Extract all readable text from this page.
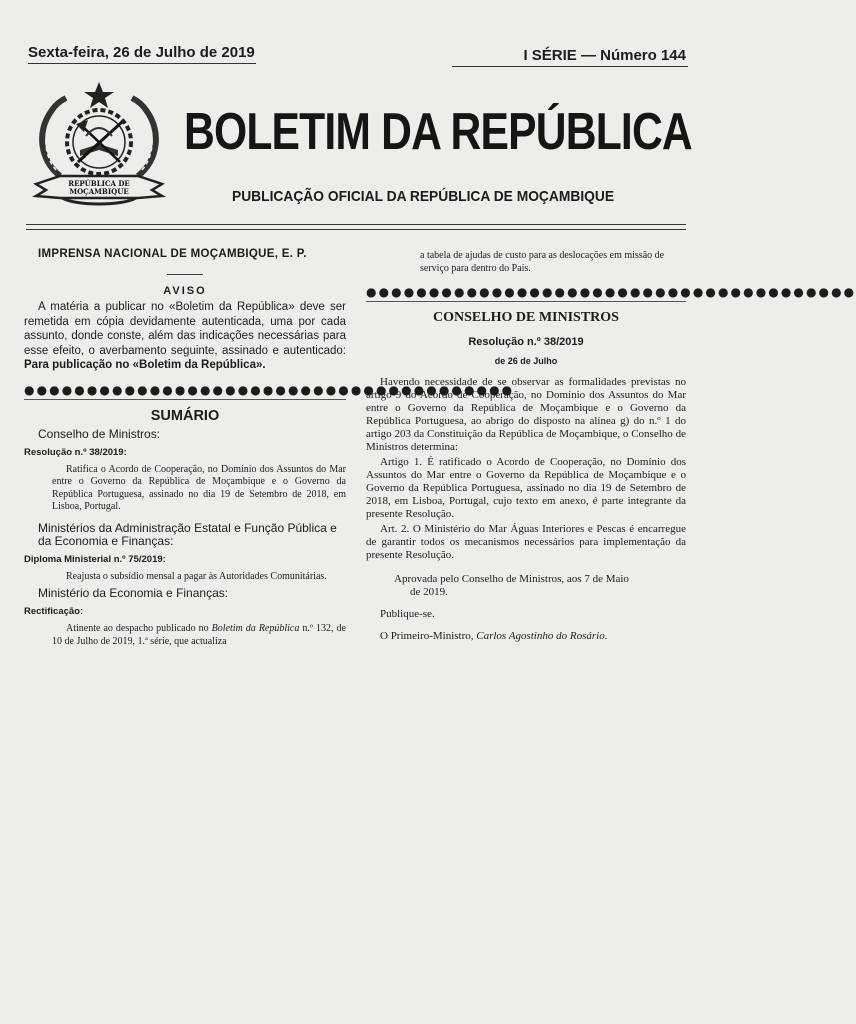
Sexta-feira, 26 de Julho de 2019	I SÉRIE — Número 144
REPÚBLICA DE
MOÇAMBIQUE
BOLETIM DA REPÚBLICA
PUBLICAÇÃO OFICIAL DA REPÚBLICA DE MOÇAMBIQUE
IMPRENSA NACIONAL DE MOÇAMBIQUE, E. P.
AVISO
A matéria a publicar no «Boletim da República» deve ser remetida em cópia devidamente autenticada, uma por cada assunto, donde conste, além das indicações necessárias para esse efeito, o averbamento seguinte, assinado e autenticado: Para publicação no «Boletim da República».
●●●●●●●●●●●●●●●●●●●●●●●●●●●●●●●●●●●●●●●
SUMÁRIO
Conselho de Ministros:
Resolução n.º 38/2019:
Ratifica o Acordo de Cooperação, no Domínio dos Assuntos do Mar entre o Governo da República de Moçambique e o Governo da República Portuguesa, assinado no dia 19 de Setembro de 2018, em Lisboa, Portugal.
Ministérios da Administração Estatal e Função Pública e da Economia e Finanças:
Diploma Ministerial n.º 75/2019:
Reajusta o subsídio mensal a pagar às Autoridades Comunitárias.
Ministério da Economia e Finanças:
Rectificação:
Atinente ao despacho publicado no Boletim da República n.º 132, de 10 de Julho de 2019, 1.ª série, que actualiza
a tabela de ajudas de custo para as deslocações em missão de serviço para dentro do País.
●●●●●●●●●●●●●●●●●●●●●●●●●●●●●●●●●●●●●●●
CONSELHO DE MINISTROS
Resolução n.º 38/2019
de 26 de Julho
Havendo necessidade de se observar as formalidades previstas no artigo 9 do Acordo de Cooperação, no Domínio dos Assuntos do Mar entre o Governo da República de Moçambique e o Governo da República Portuguesa, ao abrigo do disposto na alínea g) do n.º 1 do artigo 203 da Constituição da República de Moçambique, o Conselho de Ministros determina:
Artigo 1. É ratificado o Acordo de Cooperação, no Domínio dos Assuntos do Mar entre o Governo da República de Moçambique e o Governo da República Portuguesa, assinado no dia 19 de Setembro de 2018, em Lisboa, Portugal, cujo texto em anexo, é parte integrante da presente Resolução.
Art. 2. O Ministério do Mar Águas Interiores e Pescas é encarregue de garantir todos os mecanismos necessários para implementação da presente Resolução.
Aprovada pelo Conselho de Ministros, aos 7 de Maio
de 2019.
Publique-se.
O Primeiro-Ministro, Carlos Agostinho do Rosário.
